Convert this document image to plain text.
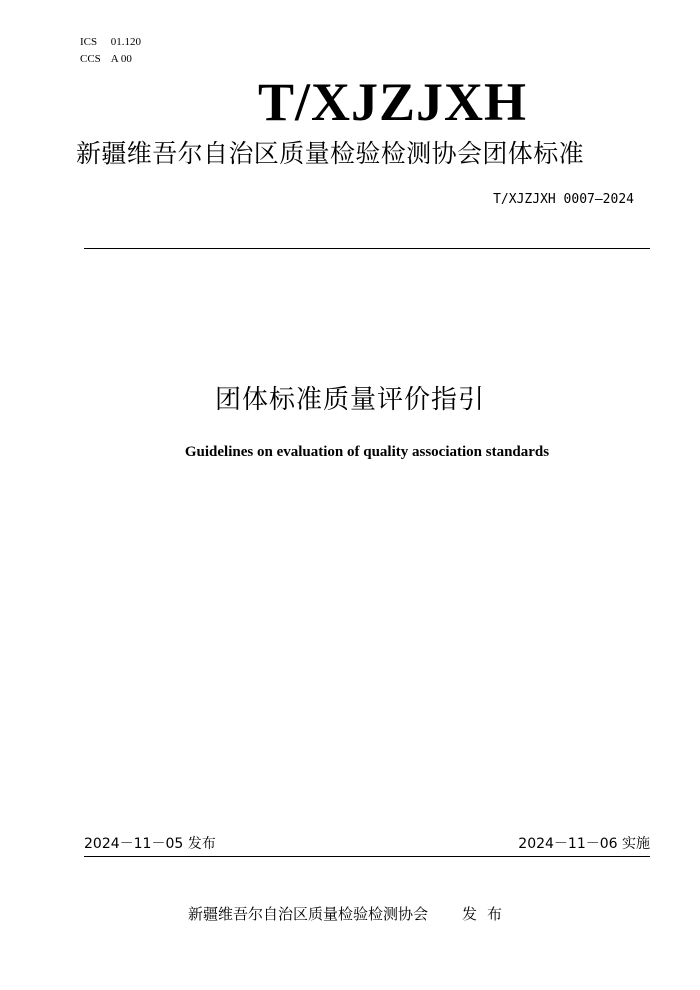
ICS 01.120
CCS A 00
T/XJZJXH
新疆维吾尔自治区质量检验检测协会团体标准
T/XJZJXH 0007—2024
团体标准质量评价指引
Guidelines on evaluation of quality association standards
2024－11－05 发布	2024－11－06 实施
新疆维吾尔自治区质量检验检测协会 发布
